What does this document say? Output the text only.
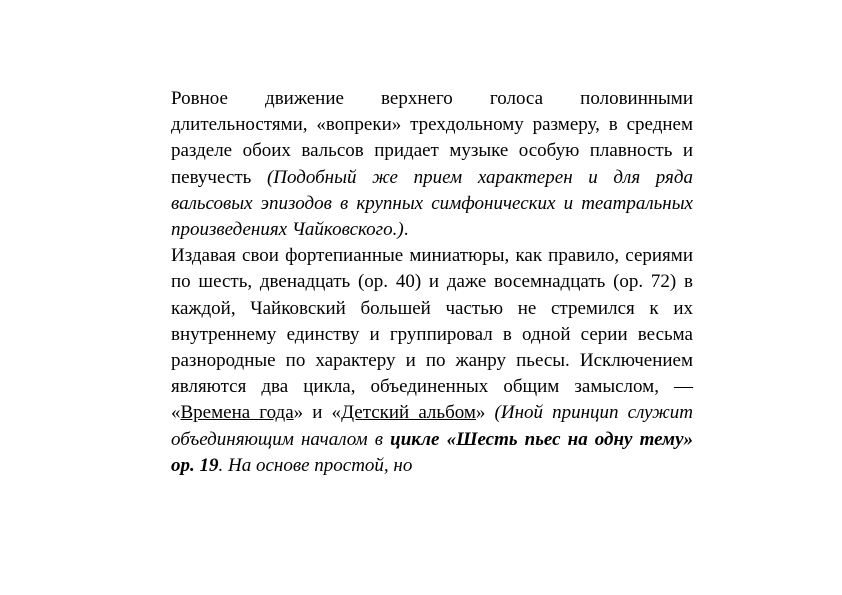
Ровное движение верхнего голоса половинными длительностями, «вопреки» трехдольному размеру, в среднем разделе обоих вальсов придает музыке особую плавность и певучесть (Подобный же прием характерен и для ряда вальсовых эпизодов в крупных симфонических и театральных произведениях Чайковского.).

Издавая свои фортепианные миниатюры, как правило, сериями по шесть, двенадцать (ор. 40) и даже восемнадцать (ор. 72) в каждой, Чайковский большей частью не стремился к их внутреннему единству и группировал в одной серии весьма разнородные по характеру и по жанру пьесы. Исключением являются два цикла, объединенных общим замыслом, — «Времена года» и «Детский альбом» (Иной принцип служит объединяющим началом в цикле «Шесть пьес на одну тему» ор. 19. На основе простой, но
